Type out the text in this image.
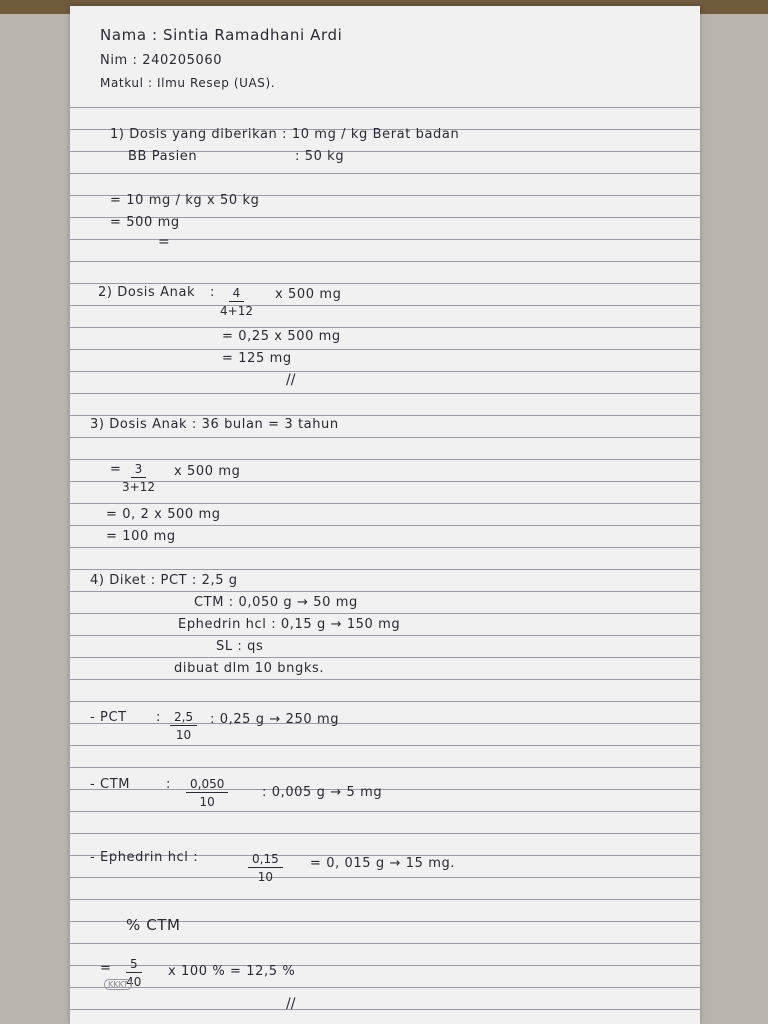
Nama : Sintia Ramadhani Ardi
Nim : 240205060
Matkul : Ilmu Resep (UAS).
1) Dosis yang diberikan : 10 mg / kg Berat badan
BB Pasien	: 50 kg
= 10 mg / kg x 50 kg
= 500 mg
=
2) Dosis Anak : $\frac{4}{4+12}$ x 500 mg
= 0,25 x 500 mg
= 125 mg
//
3) Dosis Anak : 36 bulan = 3 tahun
= $\frac{3}{3+12}$ x 500 mg
= 0, 2 x 500 mg
= 100 mg
4) Diket : PCT : 2,5 g
CTM : 0,050 g → 50 mg
Ephedrin hcl : 0,15 g → 150 mg
SL : qs
dibuat dlm 10 bngks.
- PCT : $\frac{2,5}{10}$ : 0,25 g → 250 mg
- CTM	: $\frac{0,050}{10}$	: 0,005 g → 5 mg
- Ephedrin hcl :	$\frac{0,15}{10} = 0$, 015 g → 15 mg.
% CTM
= $\frac{5}{40}$ x 100 % = 12,5 %
KKKT
//
